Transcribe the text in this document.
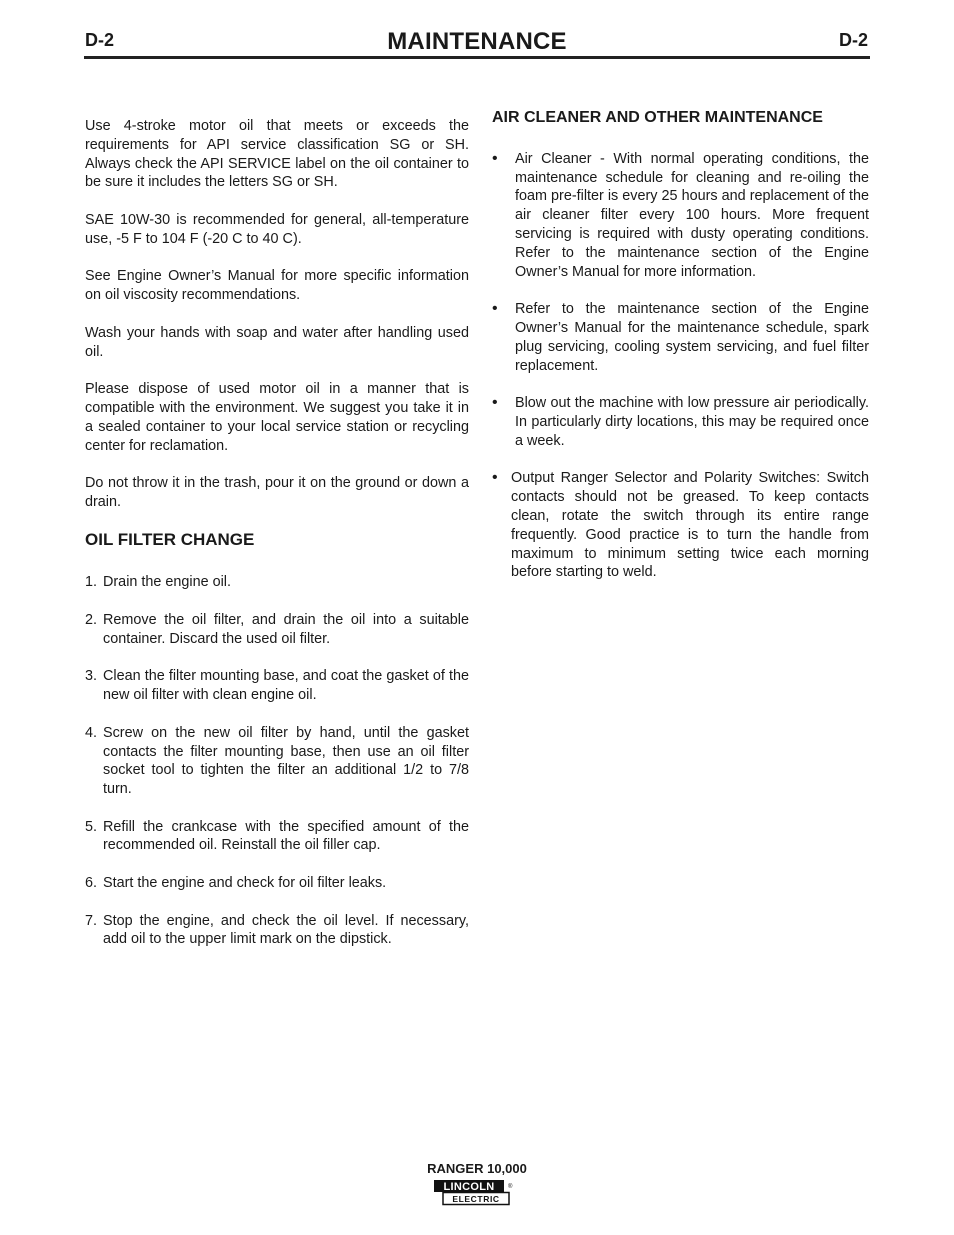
D-2	MAINTENANCE	D-2

Use 4-stroke motor oil that meets or exceeds the requirements for API service classification SG or SH. Always check the API SERVICE label on the oil container to be sure it includes the letters SG or SH.

SAE 10W-30 is recommended for general, all-temperature use, -5 F to 104 F (-20 C to 40 C).

See Engine Owner’s Manual for more specific information on oil viscosity recommendations.

Wash your hands with soap and water after handling used oil.

Please dispose of used motor oil in a manner that is compatible with the environment. We suggest you take it in a sealed container to your local service station or recycling center for reclamation.

Do not throw it in the trash, pour it on the ground or down a drain.

OIL FILTER CHANGE
1. Drain the engine oil.
2. Remove the oil filter, and drain the oil into a suitable container. Discard the used oil filter.
3. Clean the filter mounting base, and coat the gasket of the new oil filter with clean engine oil.
4. Screw on the new oil filter by hand, until the gasket contacts the filter mounting base, then use an oil filter socket tool to tighten the filter an additional 1/2 to 7/8 turn.
5. Refill the crankcase with the specified amount of the recommended oil. Reinstall the oil filler cap.
6. Start the engine and check for oil filter leaks.
7. Stop the engine, and check the oil level. If necessary, add oil to the upper limit mark on the dipstick.
AIR CLEANER AND OTHER MAINTENANCE
•	Air Cleaner - With normal operating conditions, the maintenance schedule for cleaning and re-oiling the foam pre-filter is every 25 hours and replacement of the air cleaner filter every 100 hours. More frequent servicing is required with dusty operating conditions. Refer to the maintenance section of the Engine Owner’s Manual for more information.
•	Refer to the maintenance section of the Engine Owner’s Manual for the maintenance schedule, spark plug servicing, cooling system servicing, and fuel filter replacement.
•	Blow out the machine with low pressure air periodically. In particularly dirty locations, this may be required once a week.
• Output Ranger Selector and Polarity Switches: Switch contacts should not be greased. To keep contacts clean, rotate the switch through its entire range frequently. Good practice is to turn the handle from maximum to minimum setting twice each morning before starting to weld.
RANGER 10,000
LINCOLN
ELECTRIC
®
